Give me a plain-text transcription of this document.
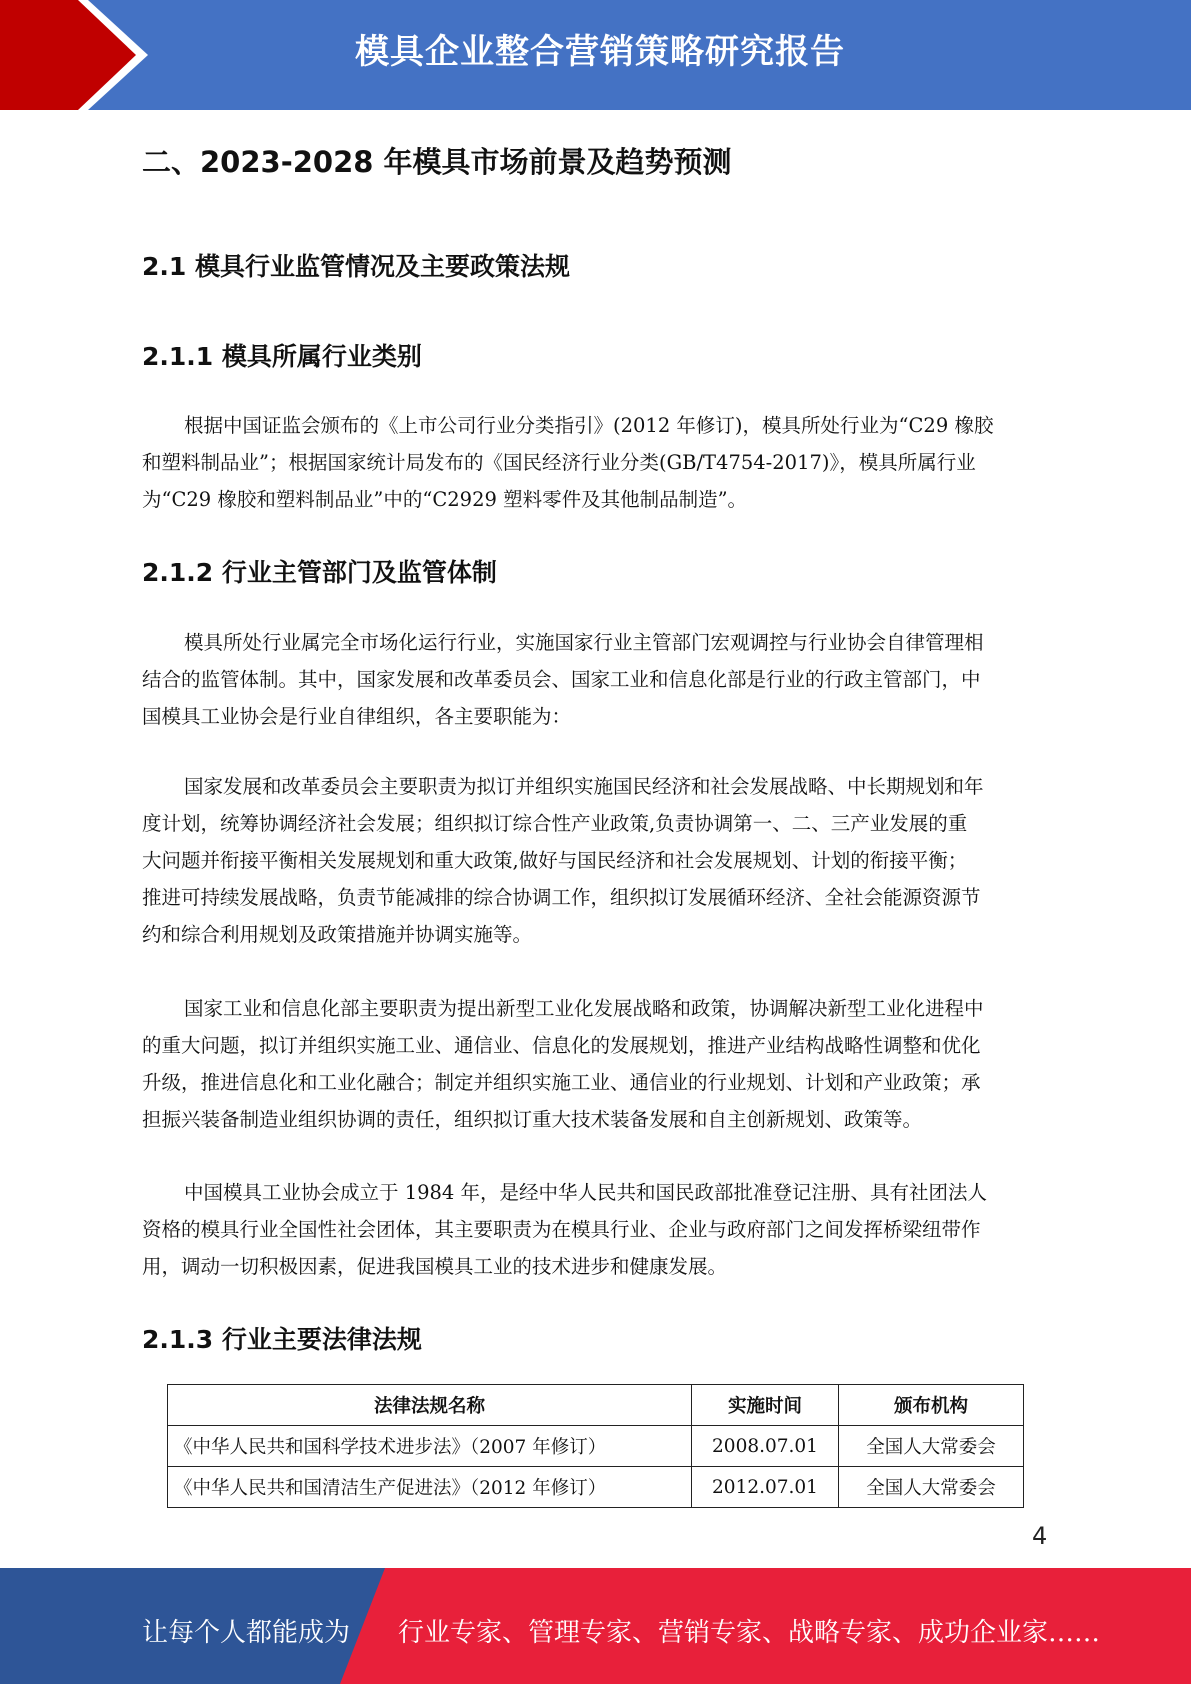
模具企业整合营销策略研究报告
二、2023-2028 年模具市场前景及趋势预测
2.1 模具行业监管情况及主要政策法规
2.1.1 模具所属行业类别
根据中国证监会颁布的《上市公司行业分类指引》(2012 年修订)，模具所处行业为“C29 橡胶
和塑料制品业”；根据国家统计局发布的《国民经济行业分类(GB/T4754-2017)》，模具所属行业
为“C29 橡胶和塑料制品业”中的“C2929 塑料零件及其他制品制造”。
2.1.2 行业主管部门及监管体制
模具所处行业属完全市场化运行行业，实施国家行业主管部门宏观调控与行业协会自律管理相
结合的监管体制。其中，国家发展和改革委员会、国家工业和信息化部是行业的行政主管部门，中
国模具工业协会是行业自律组织，各主要职能为：
国家发展和改革委员会主要职责为拟订并组织实施国民经济和社会发展战略、中长期规划和年
度计划，统筹协调经济社会发展；组织拟订综合性产业政策,负责协调第一、二、三产业发展的重
大问题并衔接平衡相关发展规划和重大政策,做好与国民经济和社会发展规划、计划的衔接平衡；
推进可持续发展战略，负责节能减排的综合协调工作，组织拟订发展循环经济、全社会能源资源节
约和综合利用规划及政策措施并协调实施等。
国家工业和信息化部主要职责为提出新型工业化发展战略和政策，协调解决新型工业化进程中
的重大问题，拟订并组织实施工业、通信业、信息化的发展规划，推进产业结构战略性调整和优化
升级，推进信息化和工业化融合；制定并组织实施工业、通信业的行业规划、计划和产业政策；承
担振兴装备制造业组织协调的责任，组织拟订重大技术装备发展和自主创新规划、政策等。
中国模具工业协会成立于 1984 年，是经中华人民共和国民政部批准登记注册、具有社团法人
资格的模具行业全国性社会团体，其主要职责为在模具行业、企业与政府部门之间发挥桥梁纽带作
用，调动一切积极因素，促进我国模具工业的技术进步和健康发展。
2.1.3 行业主要法律法规
法律法规名称	实施时间	颁布机构
《中华人民共和国科学技术进步法》（2007 年修订）	2008.07.01	全国人大常委会
《中华人民共和国清洁生产促进法》（2012 年修订）	2012.07.01	全国人大常委会
4
让每个人都能成为 行业专家、管理专家、营销专家、战略专家、成功企业家……
